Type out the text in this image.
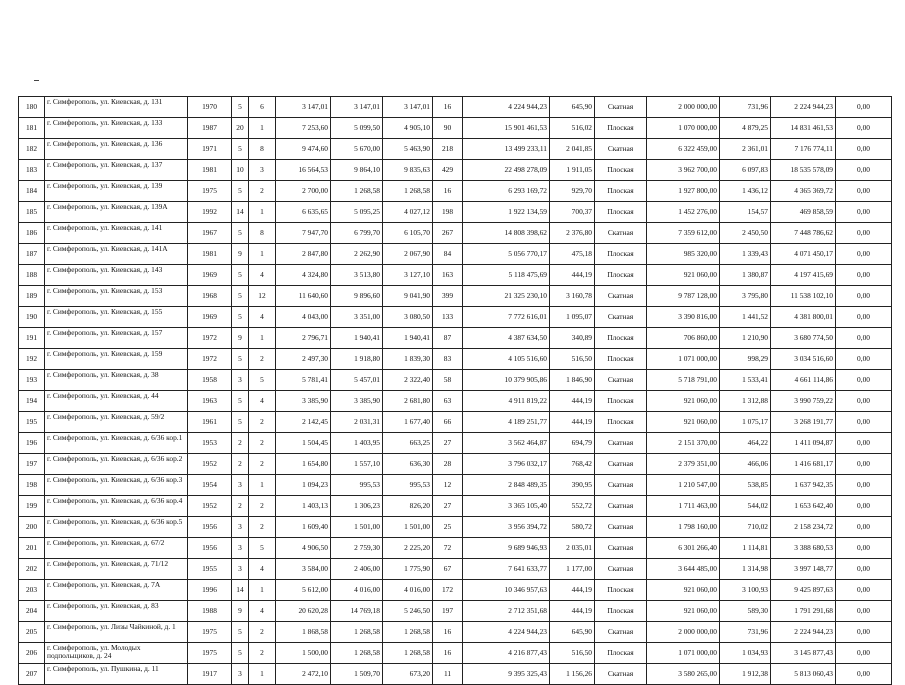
180	г. Симферополь, ул. Киевская, д. 131	1970	5	6	3 147,01	3 147,01	3 147,01	16	4 224 944,23	645,90	Скатная	2 000 000,00	731,96	2 224 944,23	0,00
181	г. Симферополь, ул. Киевская, д. 133	1987	20	1	7 253,60	5 099,50	4 905,10	90	15 901 461,53	516,02	Плоская	1 070 000,00	4 879,25	14 831 461,53	0,00
182	г. Симферополь, ул. Киевская, д. 136	1971	5	8	9 474,60	5 670,00	5 463,90	218	13 499 233,11	2 041,85	Скатная	6 322 459,00	2 361,01	7 176 774,11	0,00
183	г. Симферополь, ул. Киевская, д. 137	1981	10	3	16 564,53	9 864,10	9 835,63	429	22 498 278,09	1 911,05	Плоская	3 962 700,00	6 097,83	18 535 578,09	0,00
184	г. Симферополь, ул. Киевская, д. 139	1975	5	2	2 700,00	1 268,58	1 268,58	16	6 293 169,72	929,70	Плоская	1 927 800,00	1 436,12	4 365 369,72	0,00
185	г. Симферополь, ул. Киевская, д. 139А	1992	14	1	6 635,65	5 095,25	4 027,12	198	1 922 134,59	700,37	Плоская	1 452 276,00	154,57	469 858,59	0,00
186	г. Симферополь, ул. Киевская, д. 141	1967	5	8	7 947,70	6 799,70	6 105,70	267	14 808 398,62	2 376,80	Скатная	7 359 612,00	2 450,50	7 448 786,62	0,00
187	г. Симферополь, ул. Киевская, д. 141А	1981	9	1	2 847,80	2 262,90	2 067,90	84	5 056 770,17	475,18	Плоская	985 320,00	1 339,43	4 071 450,17	0,00
188	г. Симферополь, ул. Киевская, д. 143	1969	5	4	4 324,80	3 513,80	3 127,10	163	5 118 475,69	444,19	Плоская	921 060,00	1 380,87	4 197 415,69	0,00
189	г. Симферополь, ул. Киевская, д. 153	1968	5	12	11 640,60	9 896,60	9 041,90	399	21 325 230,10	3 160,78	Скатная	9 787 128,00	3 795,80	11 538 102,10	0,00
190	г. Симферополь, ул. Киевская, д. 155	1969	5	4	4 043,00	3 351,00	3 080,50	133	7 772 616,01	1 095,07	Скатная	3 390 816,00	1 441,52	4 381 800,01	0,00
191	г. Симферополь, ул. Киевская, д. 157	1972	9	1	2 796,71	1 940,41	1 940,41	87	4 387 634,50	340,89	Плоская	706 860,00	1 210,90	3 680 774,50	0,00
192	г. Симферополь, ул. Киевская, д. 159	1972	5	2	2 497,30	1 918,80	1 839,30	83	4 105 516,60	516,50	Плоская	1 071 000,00	998,29	3 034 516,60	0,00
193	г. Симферополь, ул. Киевская, д. 38	1958	3	5	5 781,41	5 457,01	2 322,40	58	10 379 905,86	1 846,90	Скатная	5 718 791,00	1 533,41	4 661 114,86	0,00
194	г. Симферополь, ул. Киевская, д. 44	1963	5	4	3 385,90	3 385,90	2 681,80	63	4 911 819,22	444,19	Плоская	921 060,00	1 312,88	3 990 759,22	0,00
195	г. Симферополь, ул. Киевская, д. 59/2	1961	5	2	2 142,45	2 031,31	1 677,40	66	4 189 251,77	444,19	Плоская	921 060,00	1 075,17	3 268 191,77	0,00
196	г. Симферополь, ул. Киевская, д. 6/36 кор.1	1953	2	2	1 504,45	1 403,95	663,25	27	3 562 464,87	694,79	Скатная	2 151 370,00	464,22	1 411 094,87	0,00
197	г. Симферополь, ул. Киевская, д. 6/36 кор.2	1952	2	2	1 654,80	1 557,10	636,30	28	3 796 032,17	768,42	Скатная	2 379 351,00	466,06	1 416 681,17	0,00
198	г. Симферополь, ул. Киевская, д. 6/36 кор.3	1954	3	1	1 094,23	995,53	995,53	12	2 848 489,35	390,95	Скатная	1 210 547,00	538,85	1 637 942,35	0,00
199	г. Симферополь, ул. Киевская, д. 6/36 кор.4	1952	2	2	1 403,13	1 306,23	826,20	27	3 365 105,40	552,72	Скатная	1 711 463,00	544,02	1 653 642,40	0,00
200	г. Симферополь, ул. Киевская, д. 6/36 кор.5	1956	3	2	1 609,40	1 501,00	1 501,00	25	3 956 394,72	580,72	Скатная	1 798 160,00	710,02	2 158 234,72	0,00
201	г. Симферополь, ул. Киевская, д. 67/2	1956	3	5	4 906,50	2 759,30	2 225,20	72	9 689 946,93	2 035,01	Скатная	6 301 266,40	1 114,81	3 388 680,53	0,00
202	г. Симферополь, ул. Киевская, д. 71/12	1955	3	4	3 584,00	2 406,00	1 775,90	67	7 641 633,77	1 177,00	Скатная	3 644 485,00	1 314,98	3 997 148,77	0,00
203	г. Симферополь, ул. Киевская, д. 7А	1996	14	1	5 612,00	4 016,00	4 016,00	172	10 346 957,63	444,19	Плоская	921 060,00	3 100,93	9 425 897,63	0,00
204	г. Симферополь, ул. Киевская, д. 83	1988	9	4	20 620,28	14 769,18	5 246,50	197	2 712 351,68	444,19	Плоская	921 060,00	589,30	1 791 291,68	0,00
205	г. Симферополь, ул. Лизы Чайкиной, д. 1	1975	5	2	1 868,58	1 268,58	1 268,58	16	4 224 944,23	645,90	Скатная	2 000 000,00	731,96	2 224 944,23	0,00
206	г. Симферополь, ул. Молодых подпольщиков, д. 24	1975	5	2	1 500,00	1 268,58	1 268,58	16	4 216 877,43	516,50	Плоская	1 071 000,00	1 034,93	3 145 877,43	0,00
207	г. Симферополь, ул. Пушкина, д. 11	1917	3	1	2 472,10	1 509,70	673,20	11	9 395 325,43	1 156,26	Скатная	3 580 265,00	1 912,38	5 813 060,43	0,00
